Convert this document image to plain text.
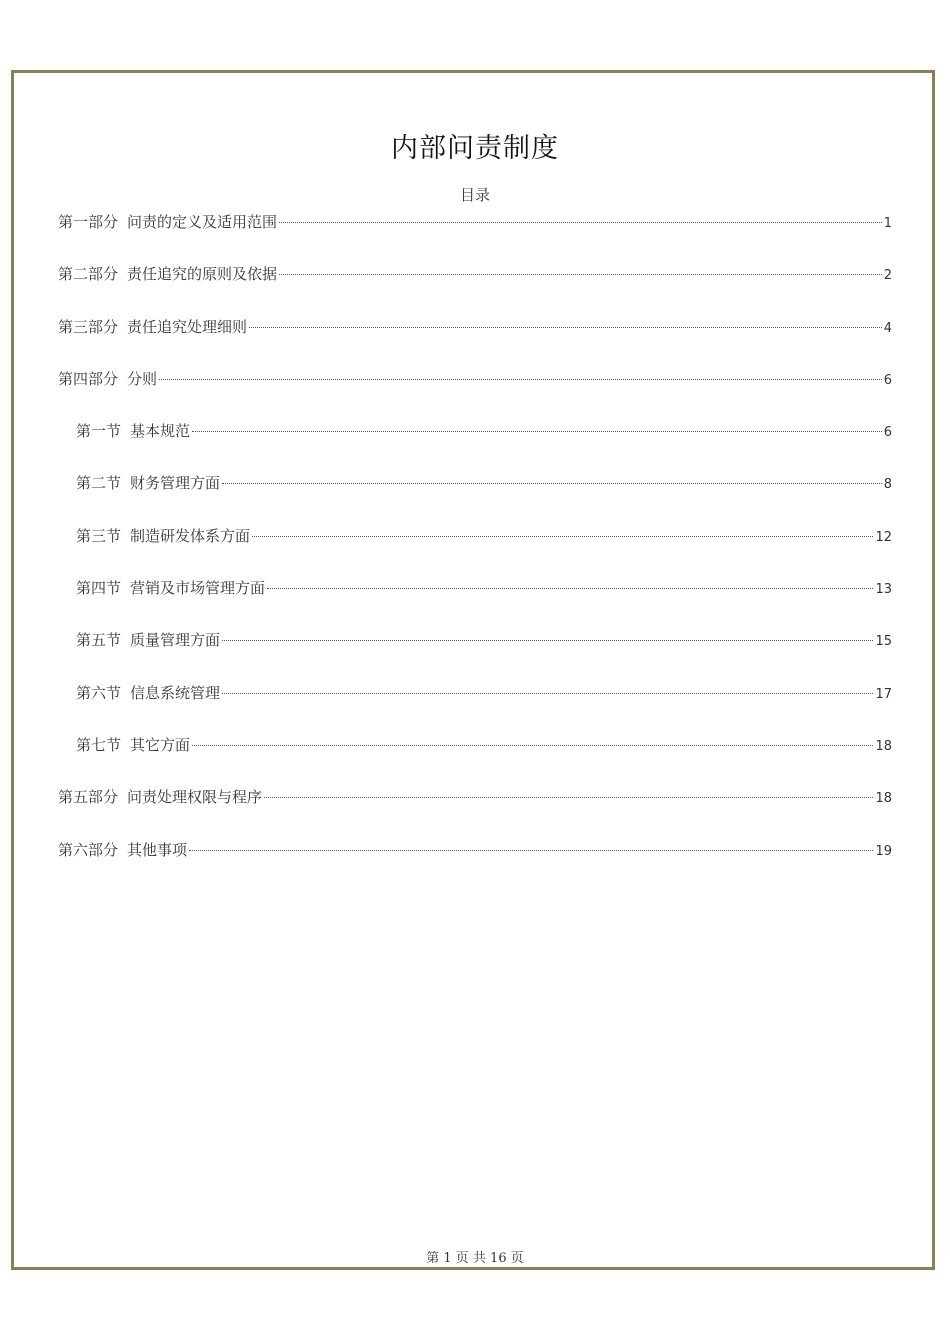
内部问责制度
目录
第一部分 问责的定义及适用范围	1
第二部分 责任追究的原则及依据	2
第三部分 责任追究处理细则	4
第四部分 分则	6
第一节 基本规范	6
第二节 财务管理方面	8
第三节 制造研发体系方面	12
第四节 营销及市场管理方面	13
第五节 质量管理方面	15
第六节 信息系统管理	17
第七节 其它方面	18
第五部分 问责处理权限与程序	18
第六部分 其他事项	19
第 1 页 共 16 页
